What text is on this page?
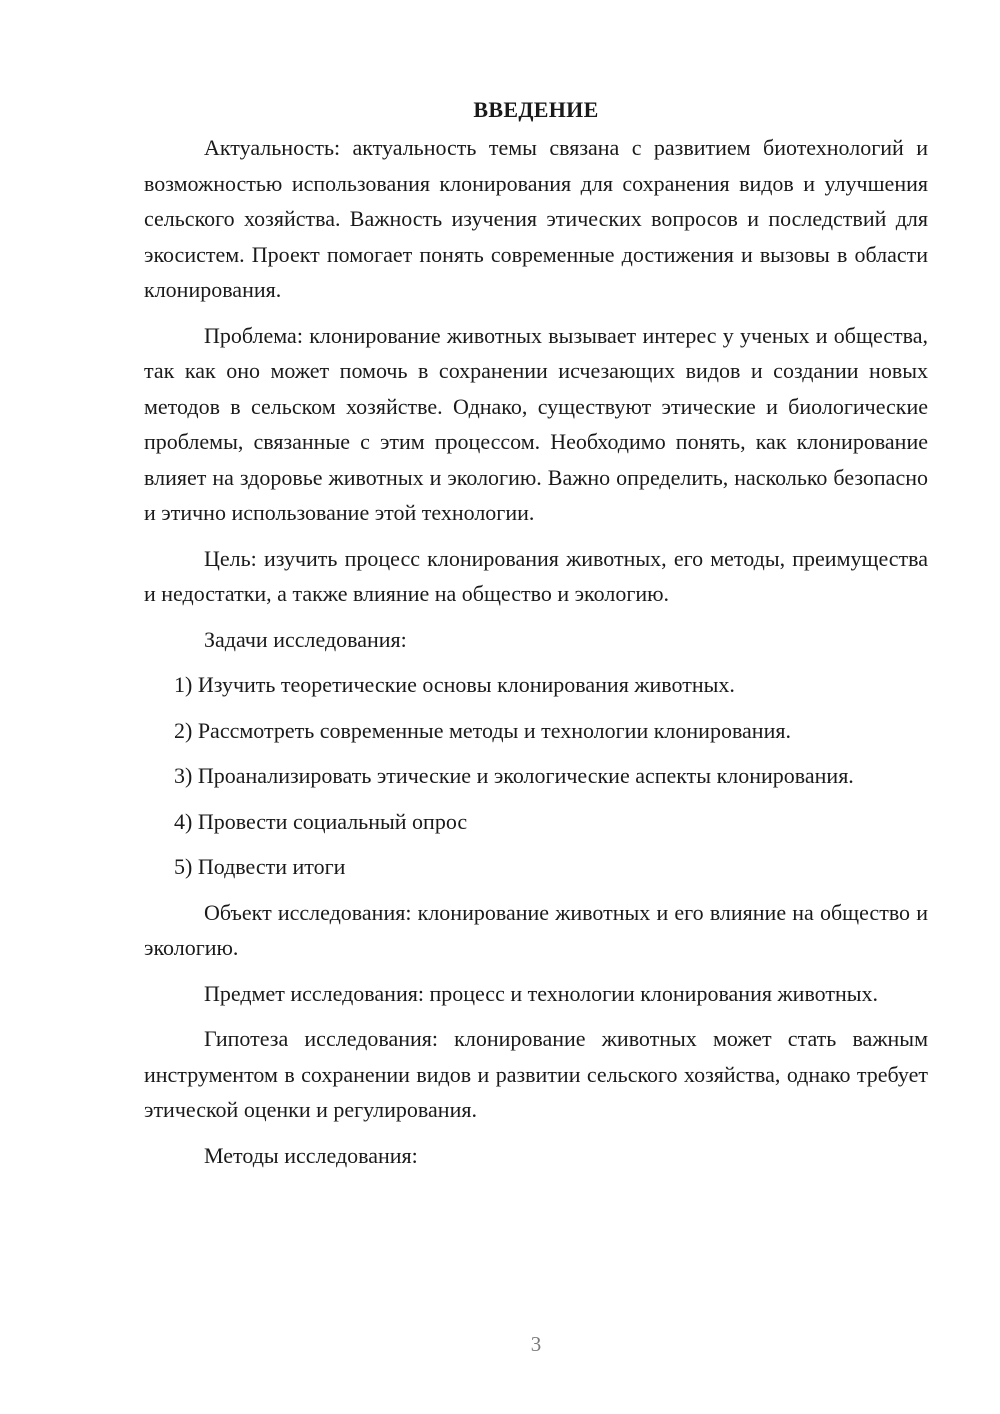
ВВЕДЕНИЕ

Актуальность: актуальность темы связана с развитием биотехнологий и возможностью использования клонирования для сохранения видов и улучшения сельского хозяйства. Важность изучения этических вопросов и последствий для экосистем. Проект помогает понять современные достижения и вызовы в области клонирования.

Проблема: клонирование животных вызывает интерес у ученых и общества, так как оно может помочь в сохранении исчезающих видов и создании новых методов в сельском хозяйстве. Однако, существуют этические и биологические проблемы, связанные с этим процессом. Необходимо понять, как клонирование влияет на здоровье животных и экологию. Важно определить, насколько безопасно и этично использование этой технологии.

Цель: изучить процесс клонирования животных, его методы, преимущества и недостатки, а также влияние на общество и экологию.

Задачи исследования:

1) Изучить теоретические основы клонирования животных.

2) Рассмотреть современные методы и технологии клонирования.

3) Проанализировать этические и экологические аспекты клонирования.

4) Провести социальный опрос

5) Подвести итоги

Объект исследования: клонирование животных и его влияние на общество и экологию.

Предмет исследования: процесс и технологии клонирования животных.

Гипотеза исследования: клонирование животных может стать важным инструментом в сохранении видов и развитии сельского хозяйства, однако требует этической оценки и регулирования.

Методы исследования:

3
